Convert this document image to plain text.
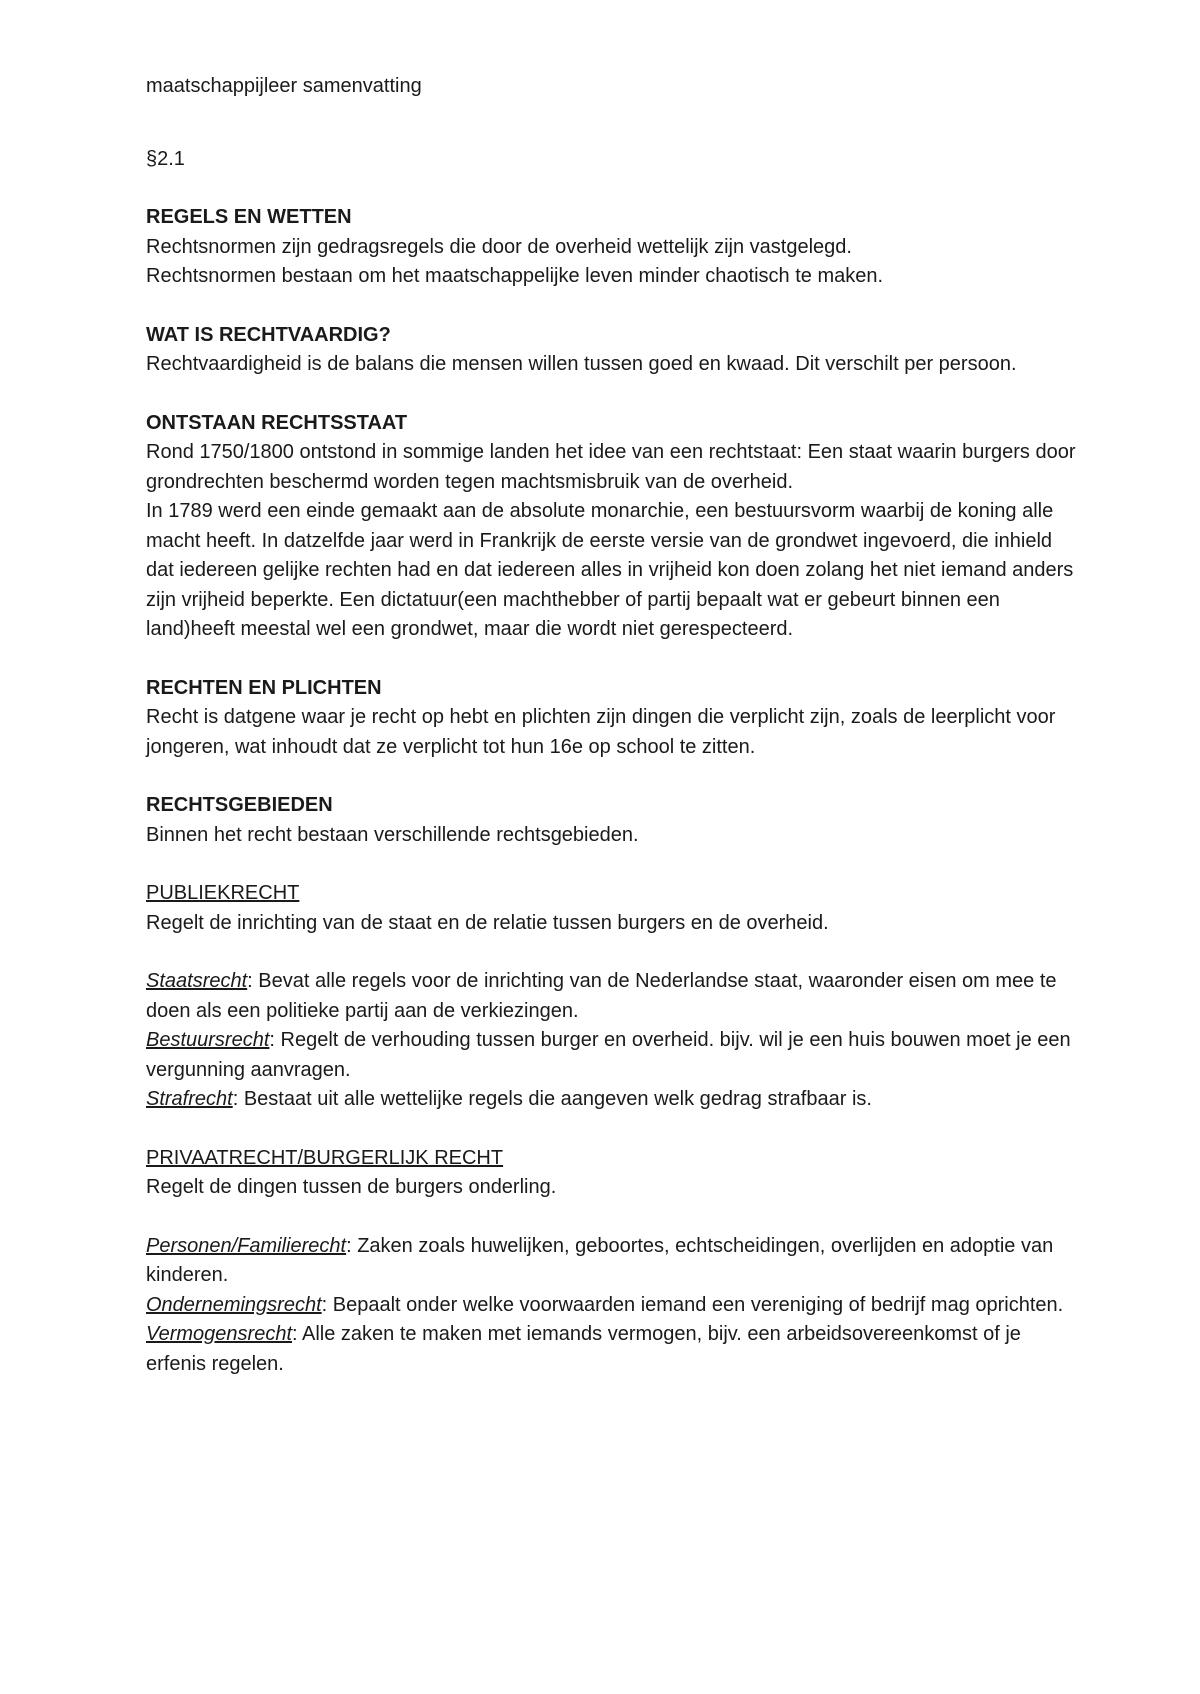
maatschappijleer samenvatting
§2.1
REGELS EN WETTEN
Rechtsnormen zijn gedragsregels die door de overheid wettelijk zijn vastgelegd.
Rechtsnormen bestaan om het maatschappelijke leven minder chaotisch te maken.
WAT IS RECHTVAARDIG?
Rechtvaardigheid is de balans die mensen willen tussen goed en kwaad. Dit verschilt per persoon.
ONTSTAAN RECHTSSTAAT
Rond 1750/1800 ontstond in sommige landen het idee van een rechtstaat: Een staat waarin burgers door grondrechten beschermd worden tegen machtsmisbruik van de overheid.
In 1789 werd een einde gemaakt aan de absolute monarchie, een bestuursvorm waarbij de koning alle macht heeft. In datzelfde jaar werd in Frankrijk de eerste versie van de grondwet ingevoerd, die inhield dat iedereen gelijke rechten had en dat iedereen alles in vrijheid kon doen zolang het niet iemand anders zijn vrijheid beperkte. Een dictatuur(een machthebber of partij bepaalt wat er gebeurt binnen een land)heeft meestal wel een grondwet, maar die wordt niet gerespecteerd.
RECHTEN EN PLICHTEN
Recht is datgene waar je recht op hebt en plichten zijn dingen die verplicht zijn, zoals de leerplicht voor jongeren, wat inhoudt dat ze verplicht tot hun 16e op school te zitten.
RECHTSGEBIEDEN
Binnen het recht bestaan verschillende rechtsgebieden.
PUBLIEKRECHT
Regelt de inrichting van de staat en de relatie tussen burgers en de overheid.
Staatsrecht: Bevat alle regels voor de inrichting van de Nederlandse staat, waaronder eisen om mee te doen als een politieke partij aan de verkiezingen.
Bestuursrecht: Regelt de verhouding tussen burger en overheid. bijv. wil je een huis bouwen moet je een vergunning aanvragen.
Strafrecht: Bestaat uit alle wettelijke regels die aangeven welk gedrag strafbaar is.
PRIVAATRECHT/BURGERLIJK RECHT
Regelt de dingen tussen de burgers onderling.
Personen/Familierecht: Zaken zoals huwelijken, geboortes, echtscheidingen, overlijden en adoptie van kinderen.
Ondernemingsrecht: Bepaalt onder welke voorwaarden iemand een vereniging of bedrijf mag oprichten.
Vermogensrecht: Alle zaken te maken met iemands vermogen, bijv. een arbeidsovereenkomst of je erfenis regelen.
